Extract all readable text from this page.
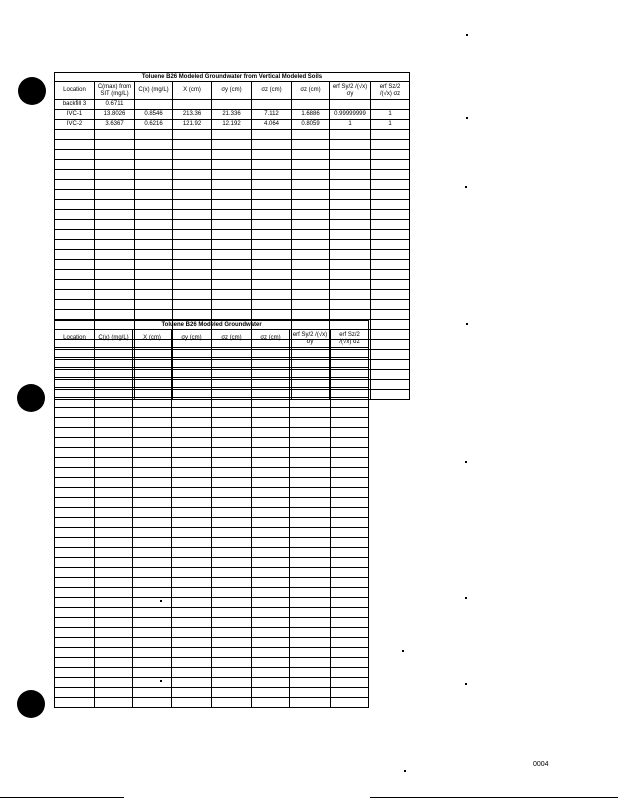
Toluene B26 Modeled Groundwater from Vertical Modeled Soils								
Location	C(max) from SIT (mg/L)	C(x) (mg/L)	X (cm)	σy (cm)	σz (cm)	σz (cm)	erf Sy/2 /(√x) σy	erf Sz/2 /(√x) σz
backfill 3	0.6711							
IVC-1	13.8026	0.8546	213.36	21.336	7.112	1.6886	0.99999999	1
IVC-2	3.6367	0.6216	121.92	12.192	4.064	0.8059	1	1

Toluene B26 Modeled Groundwater							
Location	C(x) (mg/L)	X (cm)	σy (cm)	σz (cm)	σz (cm)	erf Sy/2 /(√x) σy	erf Sz/2 /(√x) σz

0004
